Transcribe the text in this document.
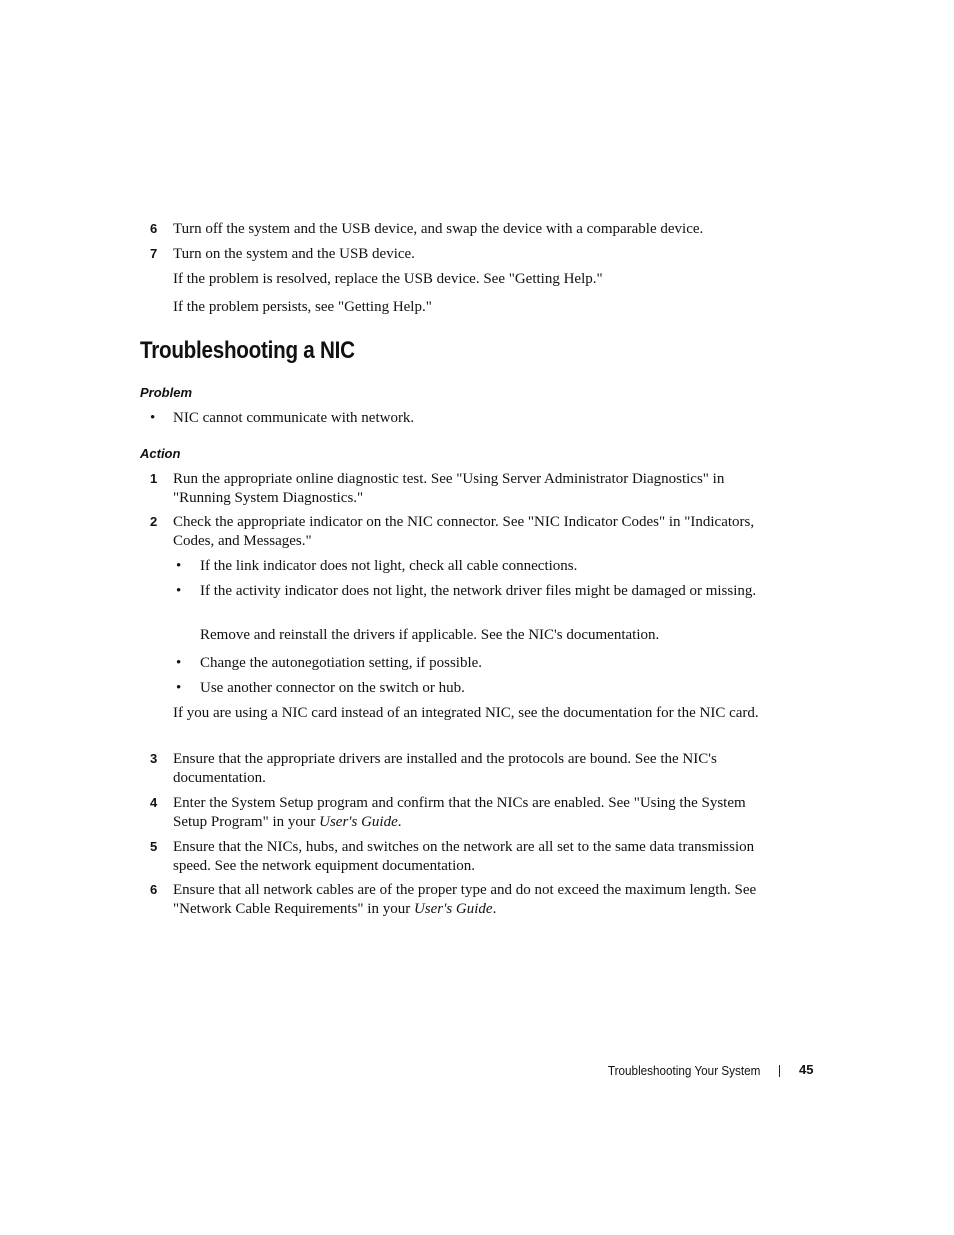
6 Turn off the system and the USB device, and swap the device with a comparable device.
7 Turn on the system and the USB device.
If the problem is resolved, replace the USB device. See "Getting Help."
If the problem persists, see "Getting Help."
Troubleshooting a NIC
Problem
• NIC cannot communicate with network.
Action
1 Run the appropriate online diagnostic test. See "Using Server Administrator Diagnostics" in "Running System Diagnostics."
2 Check the appropriate indicator on the NIC connector. See "NIC Indicator Codes" in "Indicators, Codes, and Messages."
• If the link indicator does not light, check all cable connections.
• If the activity indicator does not light, the network driver files might be damaged or missing.
Remove and reinstall the drivers if applicable. See the NIC's documentation.
• Change the autonegotiation setting, if possible.
• Use another connector on the switch or hub.
If you are using a NIC card instead of an integrated NIC, see the documentation for the NIC card.
3 Ensure that the appropriate drivers are installed and the protocols are bound. See the NIC's documentation.
4 Enter the System Setup program and confirm that the NICs are enabled. See "Using the System Setup Program" in your User's Guide.
5 Ensure that the NICs, hubs, and switches on the network are all set to the same data transmission speed. See the network equipment documentation.
6 Ensure that all network cables are of the proper type and do not exceed the maximum length. See "Network Cable Requirements" in your User's Guide.
Troubleshooting Your System	45
